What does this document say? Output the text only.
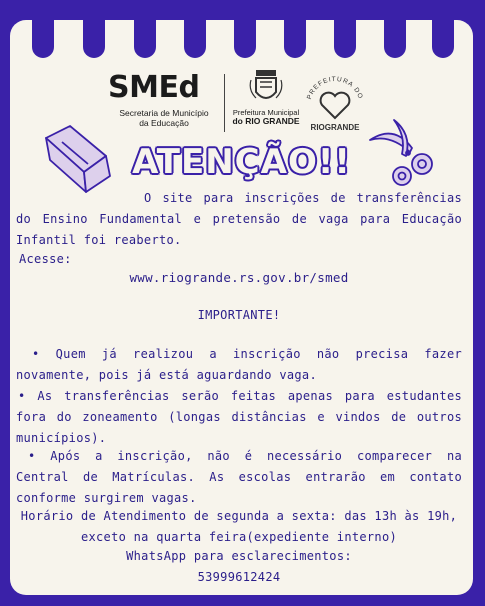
SMEd
Secretaria de Município
da Educação
Prefeitura Municipal
do RIO GRANDE
PREFEITURA DO
RIOGRANDE
ATENÇÃO!!
O site para inscrições de transferências do Ensino Fundamental e pretensão de vaga para Educação Infantil foi reaberto.
Acesse:
www.riogrande.rs.gov.br/smed
IMPORTANTE!
• Quem já realizou a inscrição não precisa fazer novamente, pois já está aguardando vaga.
• As transferências serão feitas apenas para estudantes fora do zoneamento (longas distâncias e vindos de outros municípios).
• Após a inscrição, não é necessário comparecer na Central de Matrículas. As escolas entrarão em contato conforme surgirem vagas.
Horário de Atendimento de segunda a sexta: das 13h às 19h, exceto na quarta feira(expediente interno)
WhatsApp para esclarecimentos:
53999612424
